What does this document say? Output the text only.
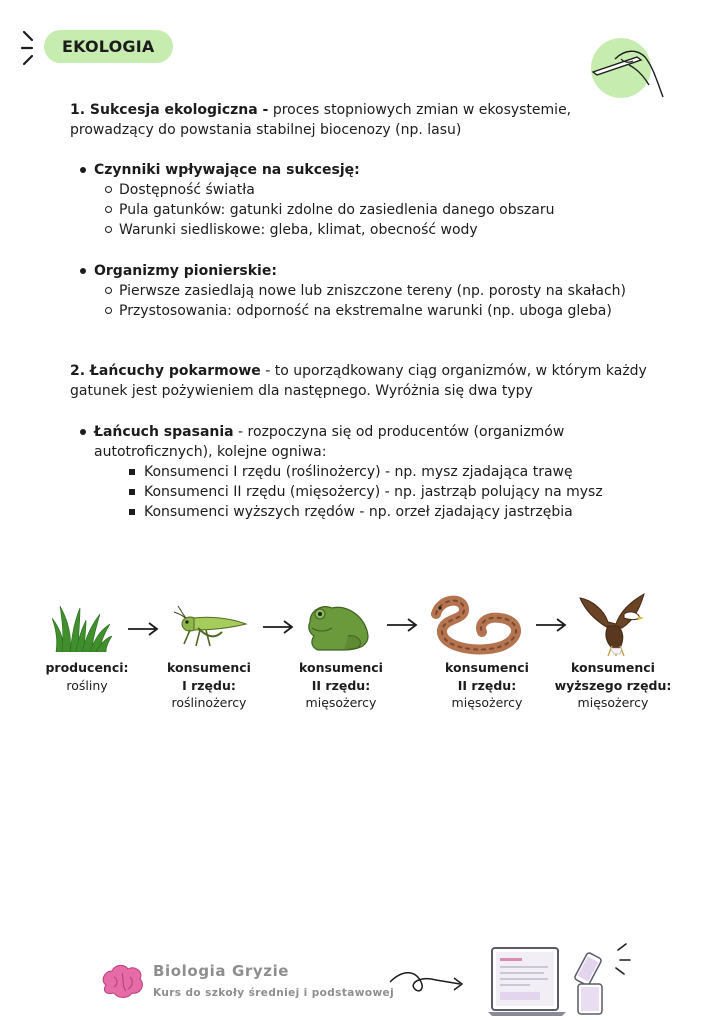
EKOLOGIA
1. Sukcesja ekologiczna - proces stopniowych zmian w ekosystemie, prowadzący do powstania stabilnej biocenozy (np. lasu)
Czynniki wpływające na sukcesję:
Dostępność światła
Pula gatunków: gatunki zdolne do zasiedlenia danego obszaru
Warunki siedliskowe: gleba, klimat, obecność wody
Organizmy pionierskie:
Pierwsze zasiedlają nowe lub zniszczone tereny (np. porosty na skałach)
Przystosowania: odporność na ekstremalne warunki (np. uboga gleba)
2. Łańcuchy pokarmowe - to uporządkowany ciąg organizmów, w którym każdy gatunek jest pożywieniem dla następnego. Wyróżnia się dwa typy
Łańcuch spasania - rozpoczyna się od producentów (organizmów
autotroficznych), kolejne ogniwa:
Konsumenci I rzędu (roślinożercy) - np. mysz zjadająca trawę
Konsumenci II rzędu (mięsożercy) - np. jastrząb polujący na mysz
Konsumenci wyższych rzędów - np. orzeł zjadający jastrzębia
producenci:
rośliny
konsumenci
I rzędu:
roślinożercy
konsumenci
II rzędu:
mięsożercy
konsumenci
II rzędu:
mięsożercy
konsumenci
wyższego rzędu:
mięsożercy
Biologia Gryzie
Kurs do szkoły średniej i podstawowej
